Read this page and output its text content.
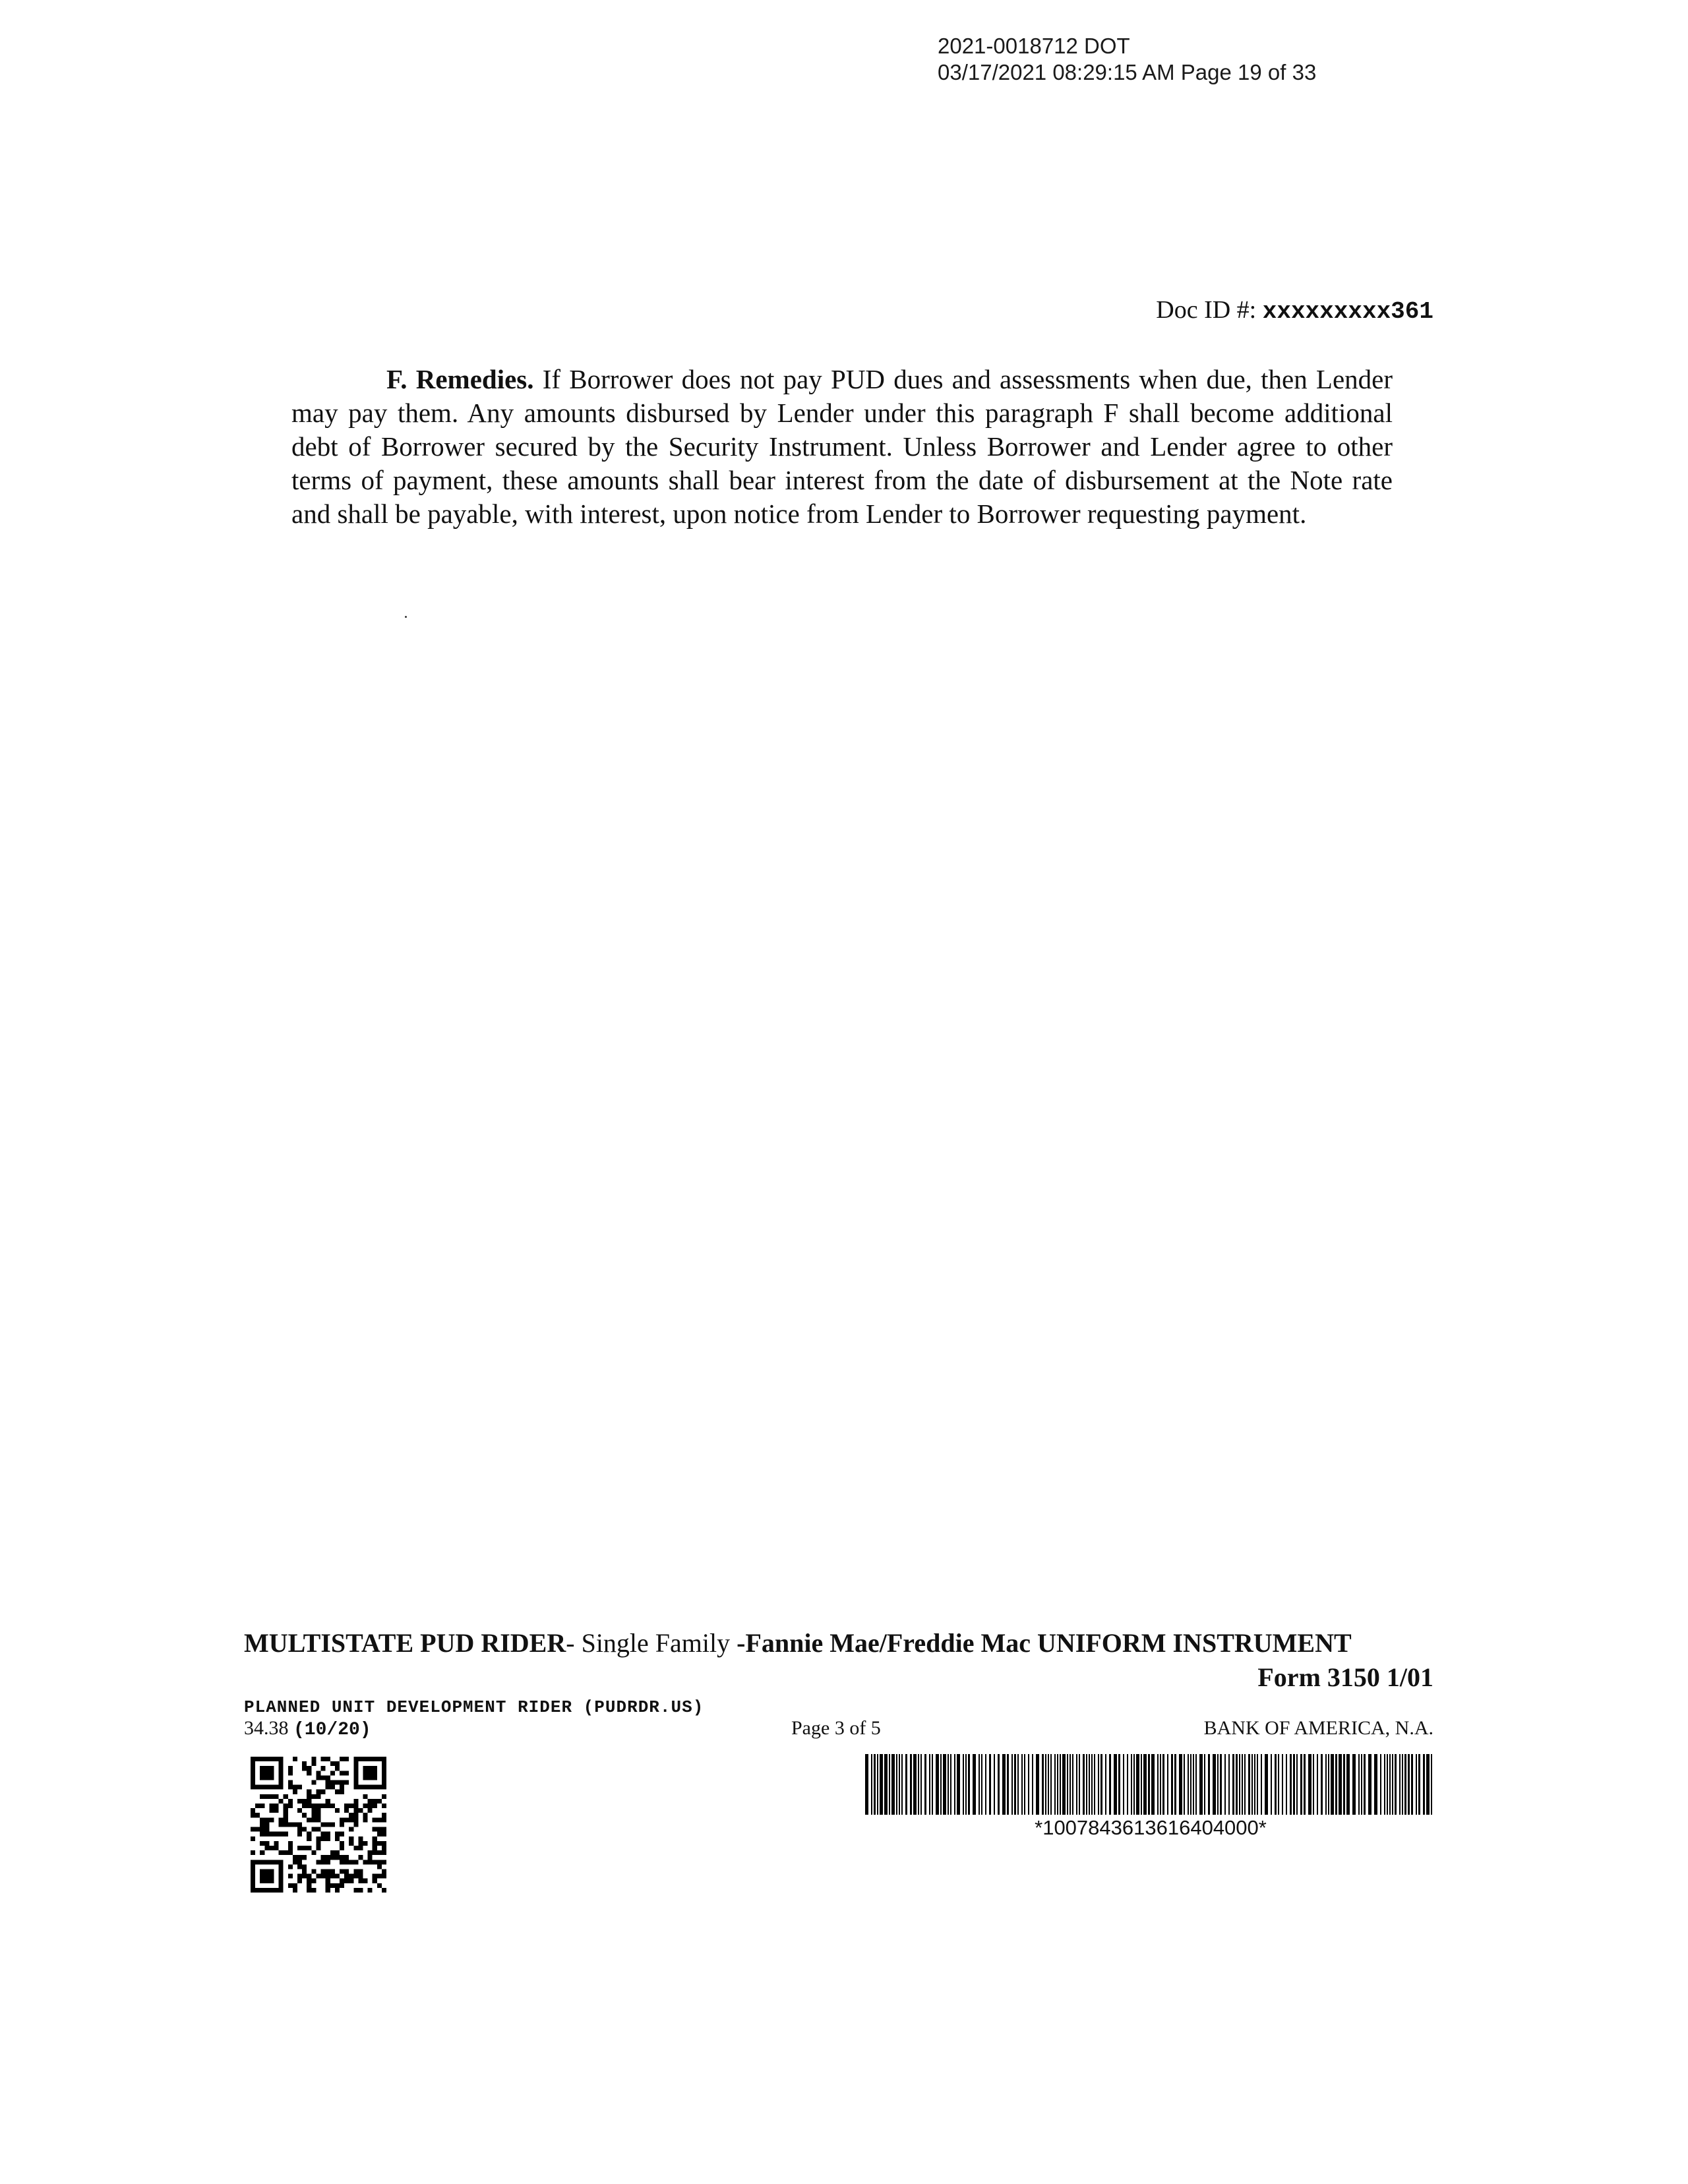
2021-0018712 DOT
03/17/2021 08:29:15 AM Page 19 of 33
Doc ID #: xxxxxxxxx361
F. Remedies. If Borrower does not pay PUD dues and assessments when due, then Lender may pay them. Any amounts disbursed by Lender under this paragraph F shall become additional debt of Borrower secured by the Security Instrument. Unless Borrower and Lender agree to other terms of payment, these amounts shall bear interest from the date of disbursement at the Note rate and shall be payable, with interest, upon notice from Lender to Borrower requesting payment.
MULTISTATE PUD RIDER- Single Family -Fannie Mae/Freddie Mac UNIFORM INSTRUMENT
Form 3150 1/01
PLANNED UNIT DEVELOPMENT RIDER (PUDRDR.US)
34.38 (10/20)	Page 3 of 5	BANK OF AMERICA, N.A.
*1007843613616404000*
